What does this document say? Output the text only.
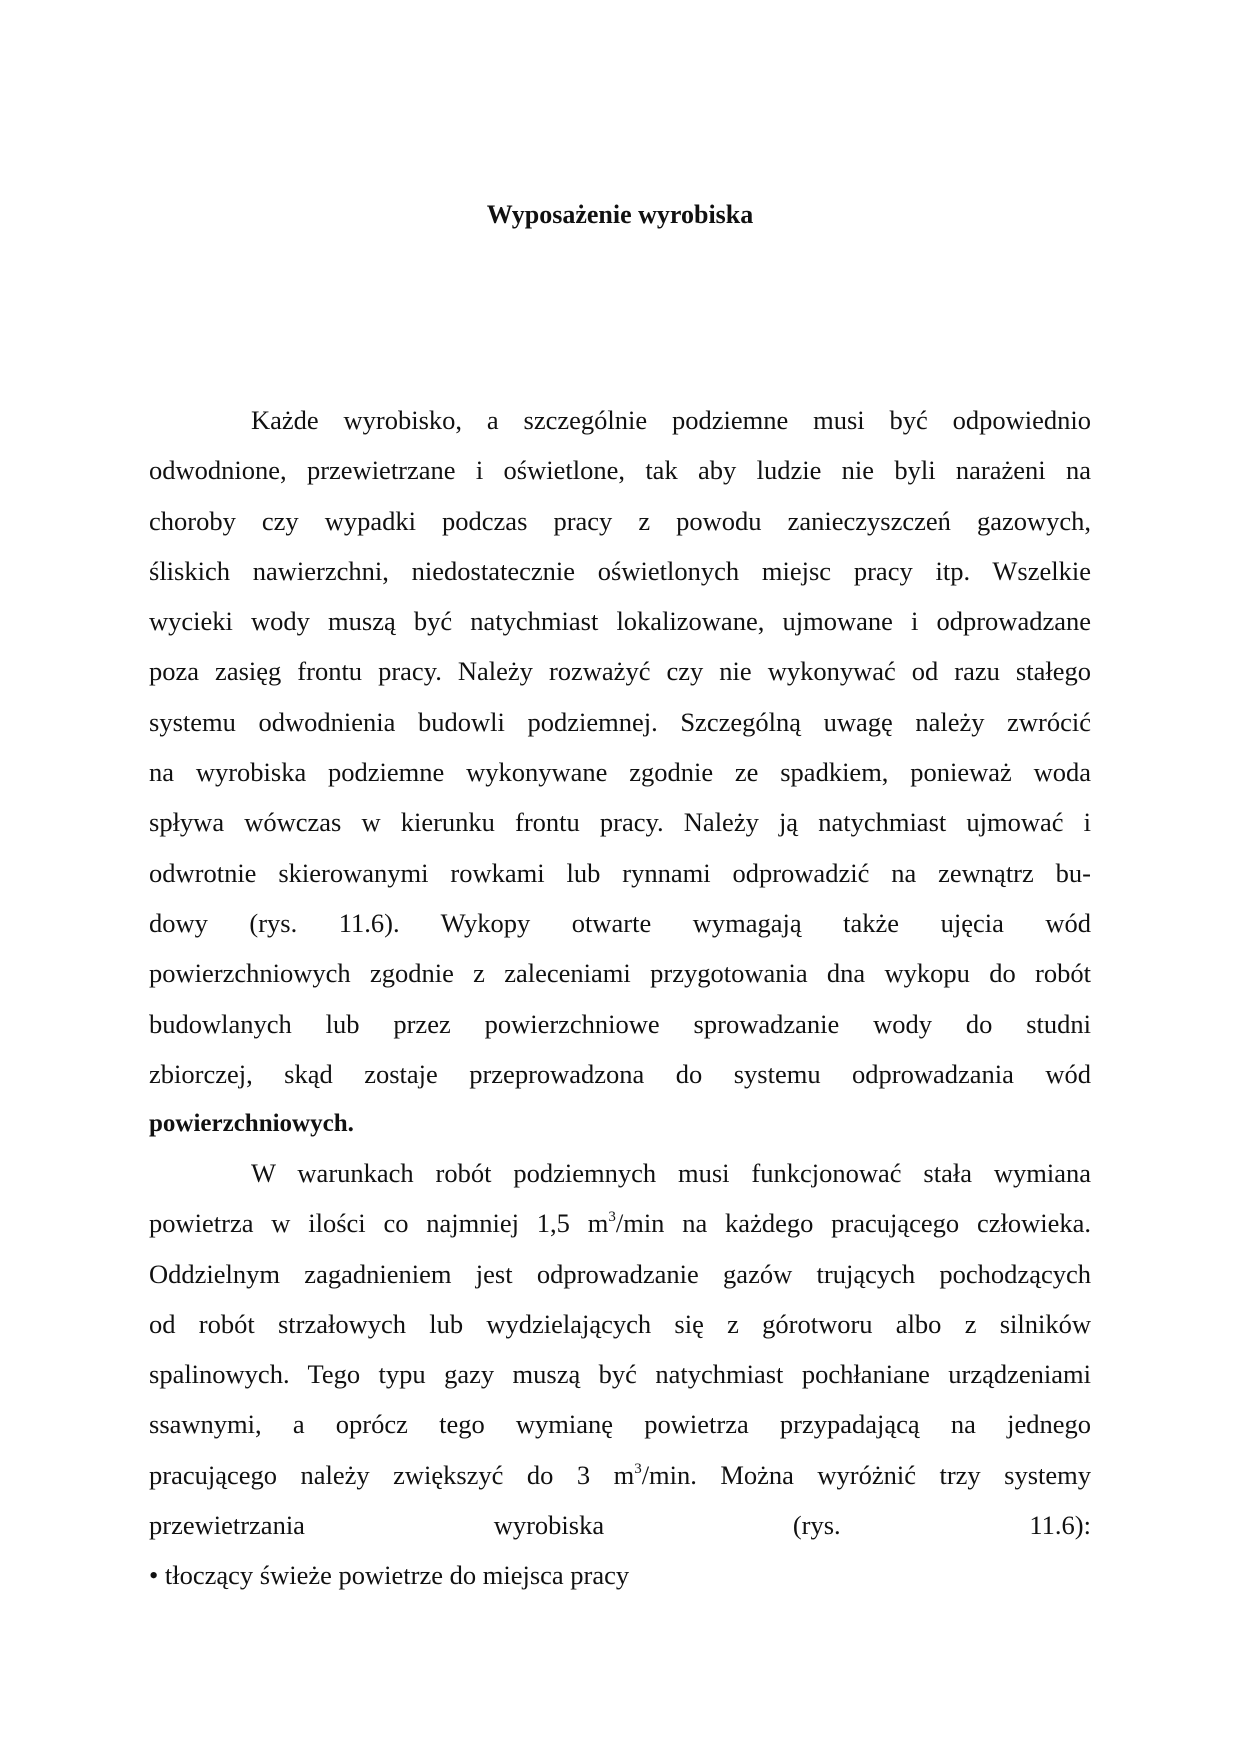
Wyposażenie wyrobiska
Każde wyrobisko, a szczególnie podziemne musi być odpowiednio
odwodnione, przewietrzane i oświetlone, tak aby ludzie nie byli narażeni na
choroby czy wypadki podczas pracy z powodu zanieczyszczeń gazowych,
śliskich nawierzchni, niedostatecznie oświetlonych miejsc pracy itp. Wszelkie
wycieki wody muszą być natychmiast lokalizowane, ujmowane i odprowadzane
poza zasięg frontu pracy. Należy rozważyć czy nie wykonywać od razu stałego
systemu odwodnienia budowli podziemnej. Szczególną uwagę należy zwrócić
na wyrobiska podziemne wykonywane zgodnie ze spadkiem, ponieważ woda
spływa wówczas w kierunku frontu pracy. Należy ją natychmiast ujmować i
odwrotnie skierowanymi rowkami lub rynnami odprowadzić na zewnątrz bu-
dowy (rys. 11.6). Wykopy otwarte wymagają także ujęcia wód
powierzchniowych zgodnie z zaleceniami przygotowania dna wykopu do robót
budowlanych lub przez powierzchniowe sprowadzanie wody do studni
zbiorczej, skąd zostaje przeprowadzona do systemu odprowadzania wód
powierzchniowych.
W warunkach robót podziemnych musi funkcjonować stała wymiana
powietrza w ilości co najmniej 1,5 $m^3/\min$ na każdego pracującego człowieka.
Oddzielnym zagadnieniem jest odprowadzanie gazów trujących pochodzących
od robót strzałowych lub wydzielających się z górotworu albo z silników
spalinowych. Tego typu gazy muszą być natychmiast pochłaniane urządzeniami
ssawnymi, a oprócz tego wymianę powietrza przypadającą na jednego
pracującego należy zwiększyć do 3 $m^3/\min$. Można wyróżnić trzy systemy
przewietrzania wyrobiska (rys. 11.6):
• tłoczący świeże powietrze do miejsca pracy
